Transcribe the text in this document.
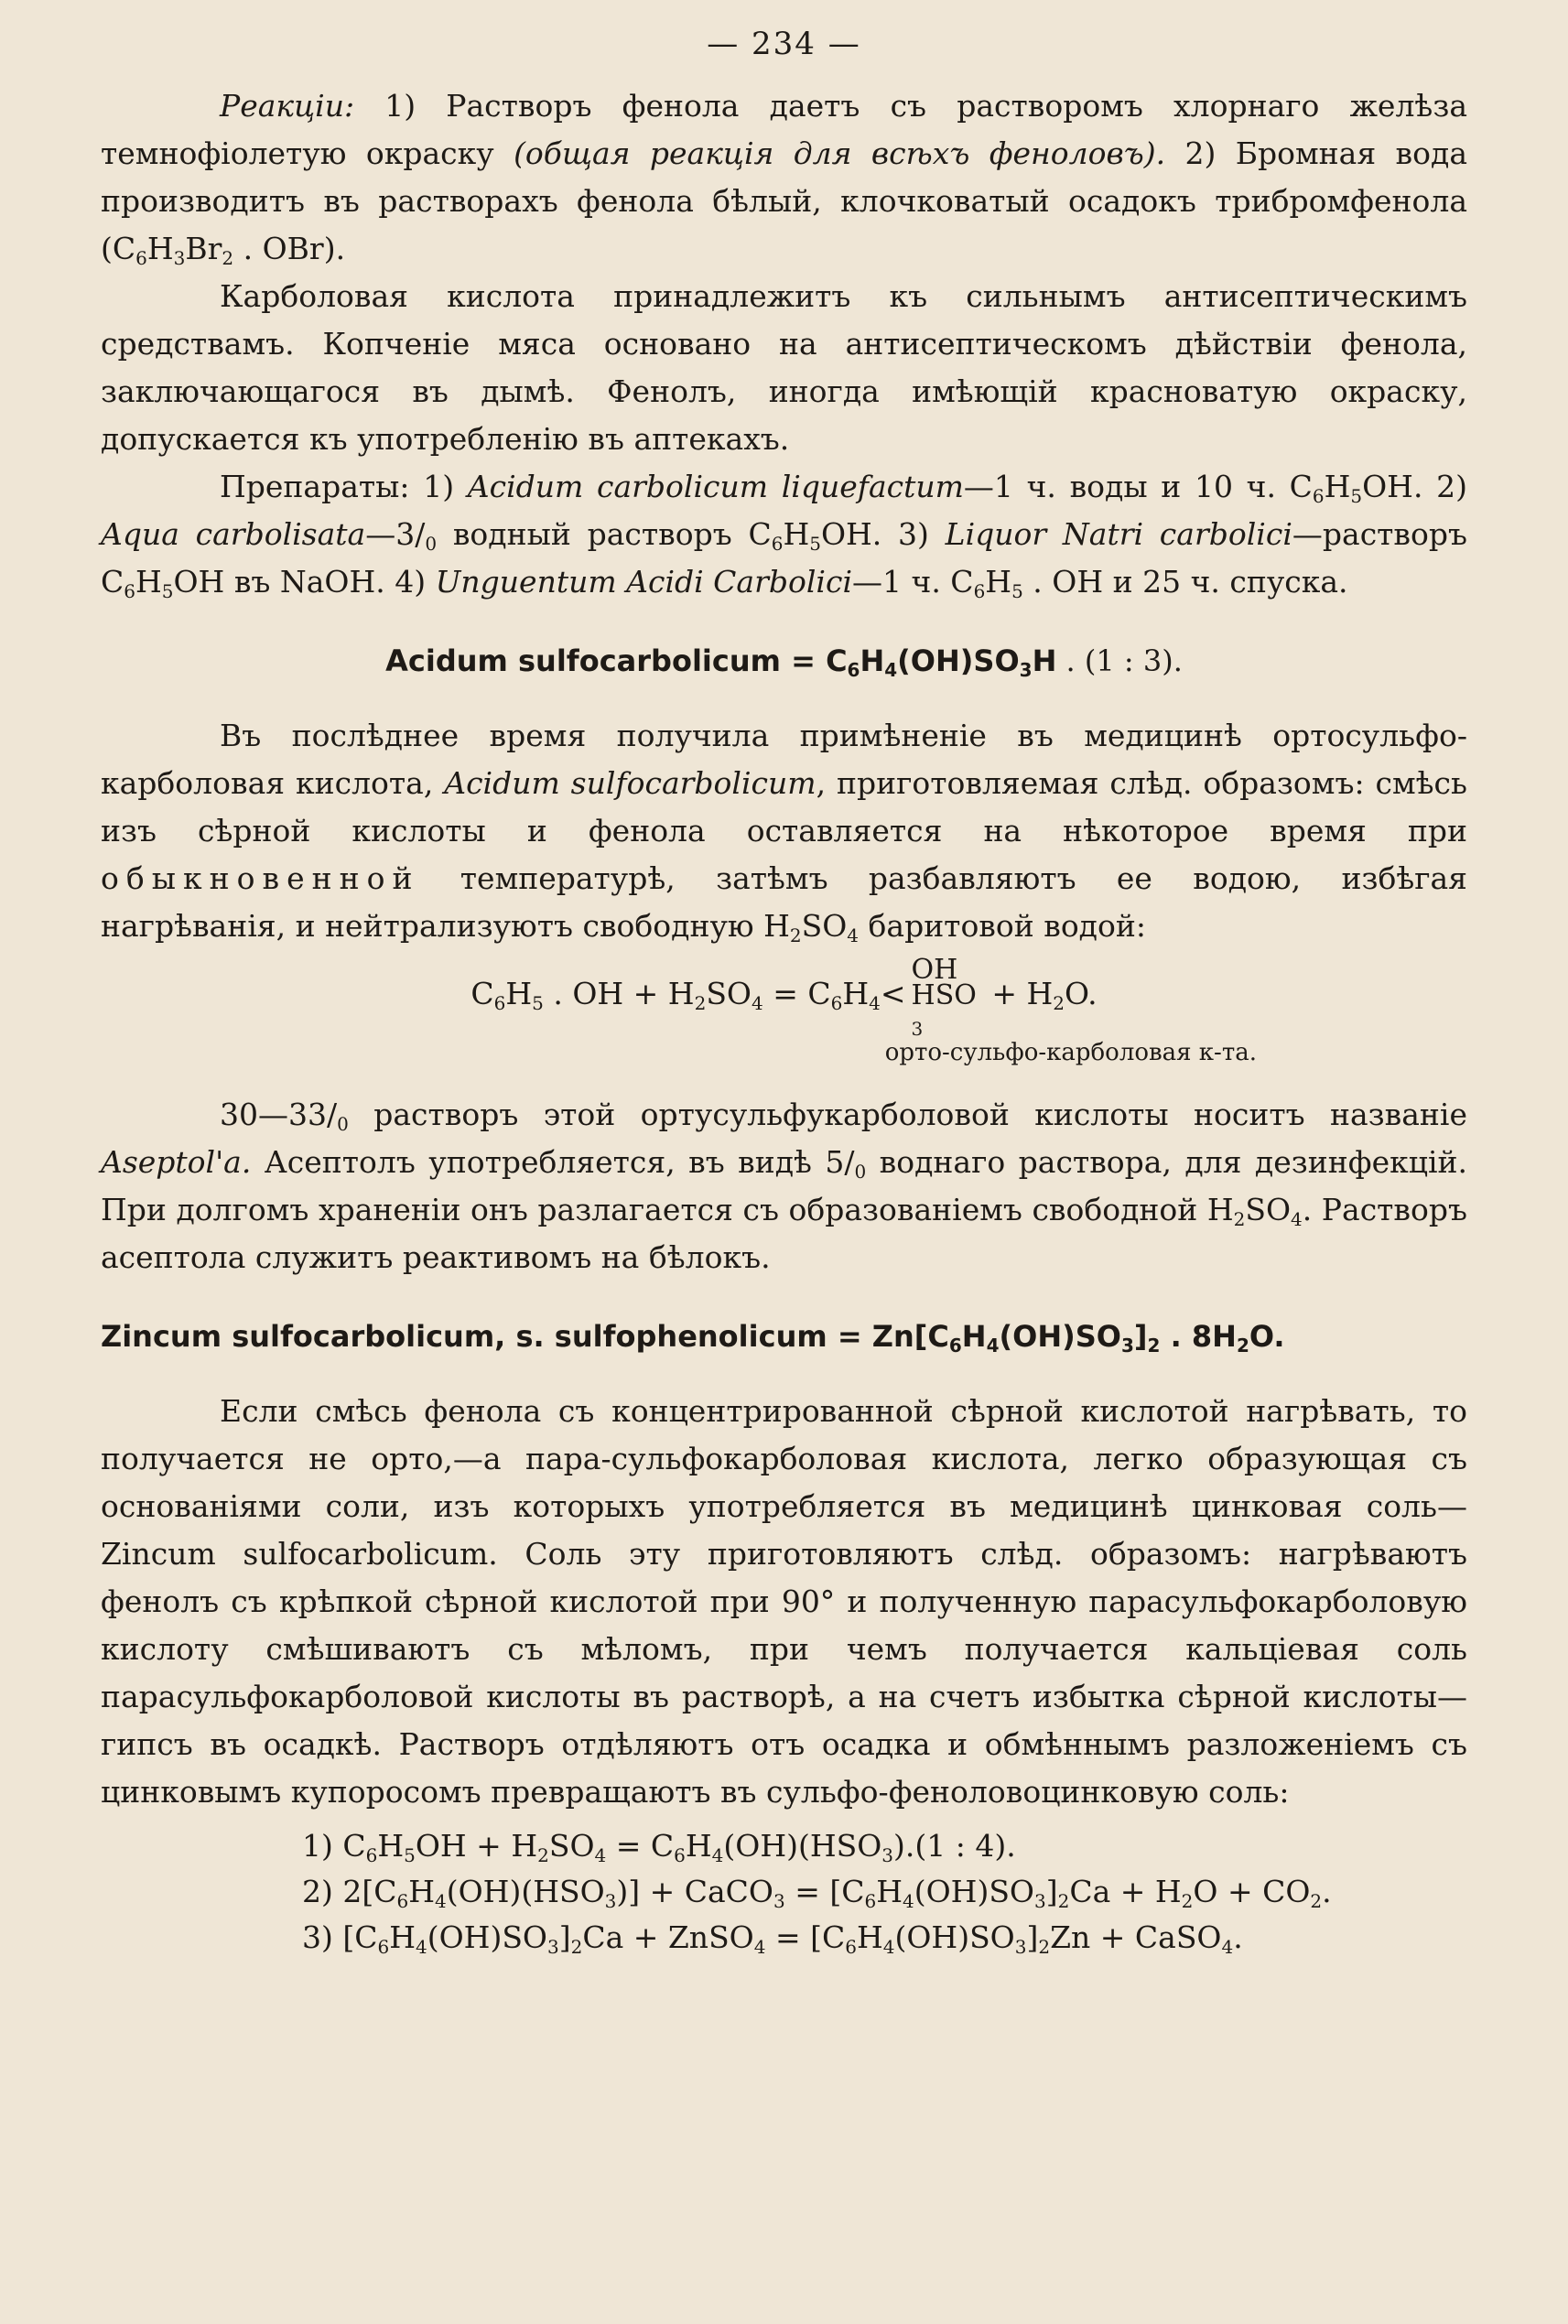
— 234 —

Реакціи: 1) Растворъ фенола даетъ съ растворомъ хлорнаго желѣза темнофіолетую окраску (общая реакція для всѣхъ фенoловъ). 2) Бромная вода производитъ въ растворахъ фенола бѣлый, клочковатый осадокъ трибромфенола ($C_6H_3Br_2$ . OBr).

Карболовая кислота принадлежитъ къ сильнымъ антисептическимъ средствамъ. Копченіе мяса основано на антисептическомъ дѣйствіи фенола, заключающагося въ дымѣ. Фенолъ, иногда имѣющій красноватую окраску, допускается къ употребленію въ аптекахъ.

Препараты: 1) Acidum carbolicum liquefactum—1 ч. воды и 10 ч. $C_6H_5OH$. 2) Aqua $carbolisata—3/_0$ водный растворъ $C_6H_5OH$. 3) Liquor Natri carbolici—растворъ $C_6H_5OH$ въ NaOH. 4) Unguentum Acidi Carbolici—1 ч. $C_6H_5$ . OH и 25 ч. спуска.

Acidum sulfocarbolicum = $C_6H_4(OH)SO_3H$ . (1 : 3).

Въ послѣднее время получила примѣненіе въ медицинѣ ортосульфо-карболовая кислота, Acidum sulfocarbolicum, приготовляемая слѣд. образомъ: смѣсь изъ сѣрной кислоты и фенола оставляется на нѣкоторое время при обыкновенной температурѣ, затѣмъ разбавляютъ ее водою, избѣгая нагрѣванія, и нейтрализуютъ свободную $H_2SO_4$ баритовой водой:

$C_6H_5$ . OH + $H_2SO_4 = C_6H_4<$
OH
HSO
$_3$
+ $H_2O$.
орто-сульфо-карболовая к-та.

$30—33/_0$ растворъ этой ортусульфукарболовой кислоты носитъ названіе Aseptol'a. Асептолъ употребляется, въ видѣ $5/_0$ воднаго раствора, для дезинфекцій. При долгомъ храненіи онъ разлагается съ образованіемъ свободной $H_2SO_4$. Растворъ асептола служитъ реактивомъ на бѣлокъ.

Zincum sulfocarbolicum, s. sulfophenolicum = $Zn[C_6H_4(OH)SO_3]_2$ . $8H_2O$.

Если смѣсь фенола съ концентрированной сѣрной кислотой нагрѣвать, то получается не орто,—а пара-сульфокарболовая кислота, легко образующая съ основаніями соли, изъ которыхъ употребляется въ медицинѣ цинковая соль—Zincum sulfocarbolicum. Соль эту приготовляютъ слѣд. образомъ: нагрѣваютъ фенолъ съ крѣпкой сѣрной кислотой при 90° и полученную парасульфокарболовую кислоту смѣшиваютъ съ мѣломъ, при чемъ получается кальціевая соль парасульфокарболовой кислоты въ растворѣ, а на счетъ избытка сѣрной кислоты—гипсъ въ осадкѣ. Растворъ отдѣляютъ отъ осадка и обмѣннымъ разложеніемъ съ цинковымъ купоросомъ превращаютъ въ сульфо-феноловоцинковую соль:

1) $C_6H_5OH + H_2SO_4 = C_6H_4(OH)(HSO_3).(1$ : 4).

2) $2[C_6H_4(OH)(HSO_3)]$ + CaCO$_3$ = $[C_6H_4(OH)SO_3]_2Ca + H_2O + CO_2$.

3) $[C_6H_4(OH)SO_3]_2Ca$ + ZnSO$_4$ = $[C_6H_4(OH)SO_3]_2Zn$ + CaSO$_4$.
